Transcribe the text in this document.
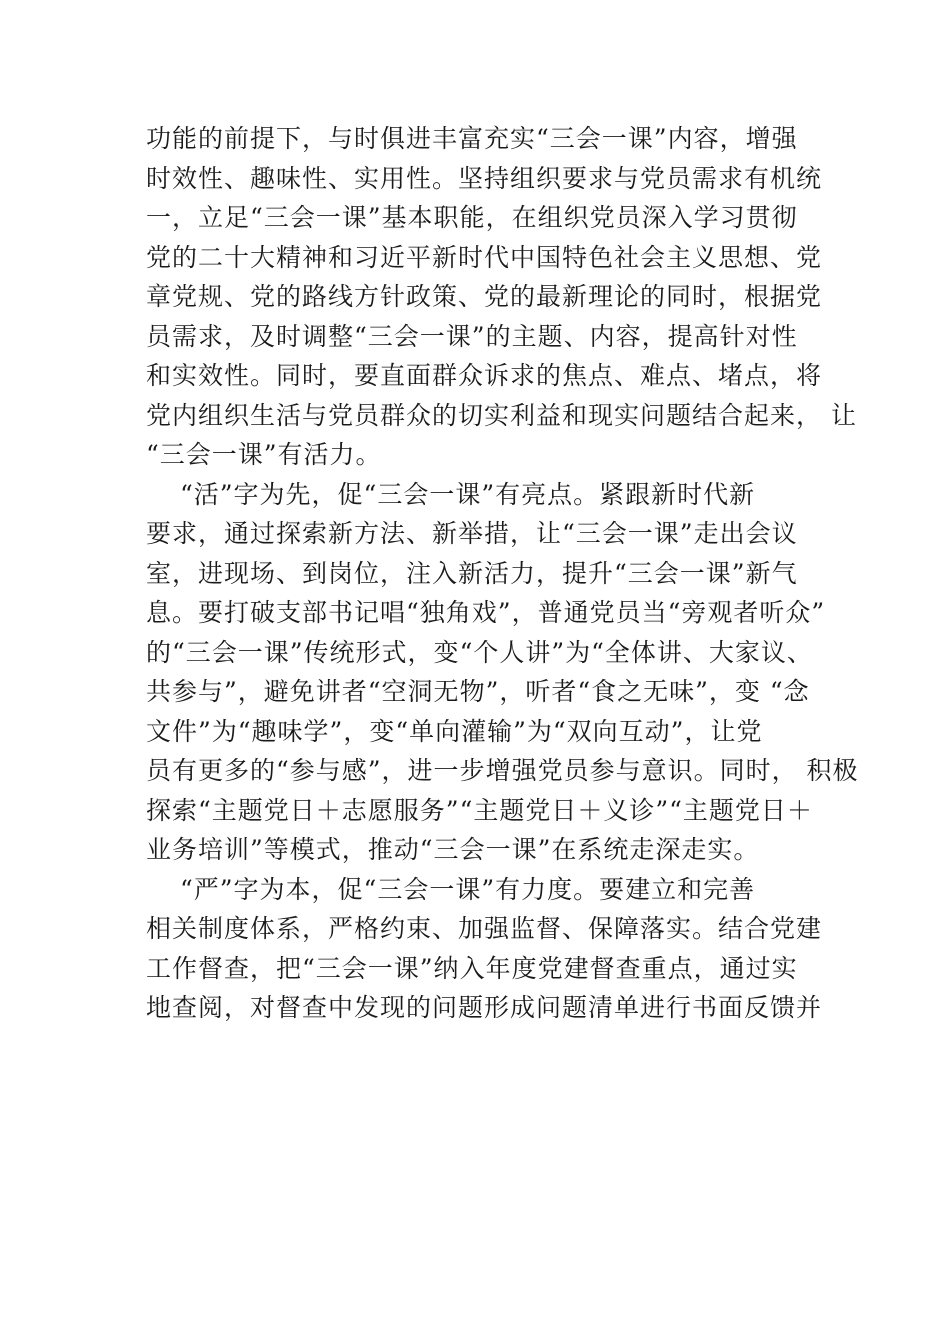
功能的前提下，与时俱进丰富充实“三会一课”内容，增强
时效性、趣味性、实用性。坚持组织要求与党员需求有机统
一，立足“三会一课”基本职能，在组织党员深入学习贯彻
党的二十大精神和习近平新时代中国特色社会主义思想、党
章党规、党的路线方针政策、党的最新理论的同时，根据党
员需求，及时调整“三会一课”的主题、内容，提高针对性
和实效性。同时，要直面群众诉求的焦点、难点、堵点，将
党内组织生活与党员群众的切实利益和现实问题结合起来， 让
“三会一课”有活力。
“活”字为先，促“三会一课”有亮点。紧跟新时代新
要求，通过探索新方法、新举措，让“三会一课”走出会议
室，进现场、到岗位，注入新活力，提升“三会一课”新气
息。要打破支部书记唱“独角戏”，普通党员当“旁观者听众”
的“三会一课”传统形式，变“个人讲”为“全体讲、大家议、
共参与”，避免讲者“空洞无物”，听者“食之无味”，变 “念
文件”为“趣味学”，变“单向灌输”为“双向互动”，让党
员有更多的“参与感”，进一步增强党员参与意识。同时， 积极
探索“主题党日＋志愿服务”“主题党日＋义诊”“主题党日＋
业务培训”等模式，推动“三会一课”在系统走深走实。
“严”字为本，促“三会一课”有力度。要建立和完善
相关制度体系，严格约束、加强监督、保障落实。结合党建
工作督查，把“三会一课”纳入年度党建督查重点，通过实
地查阅，对督查中发现的问题形成问题清单进行书面反馈并
